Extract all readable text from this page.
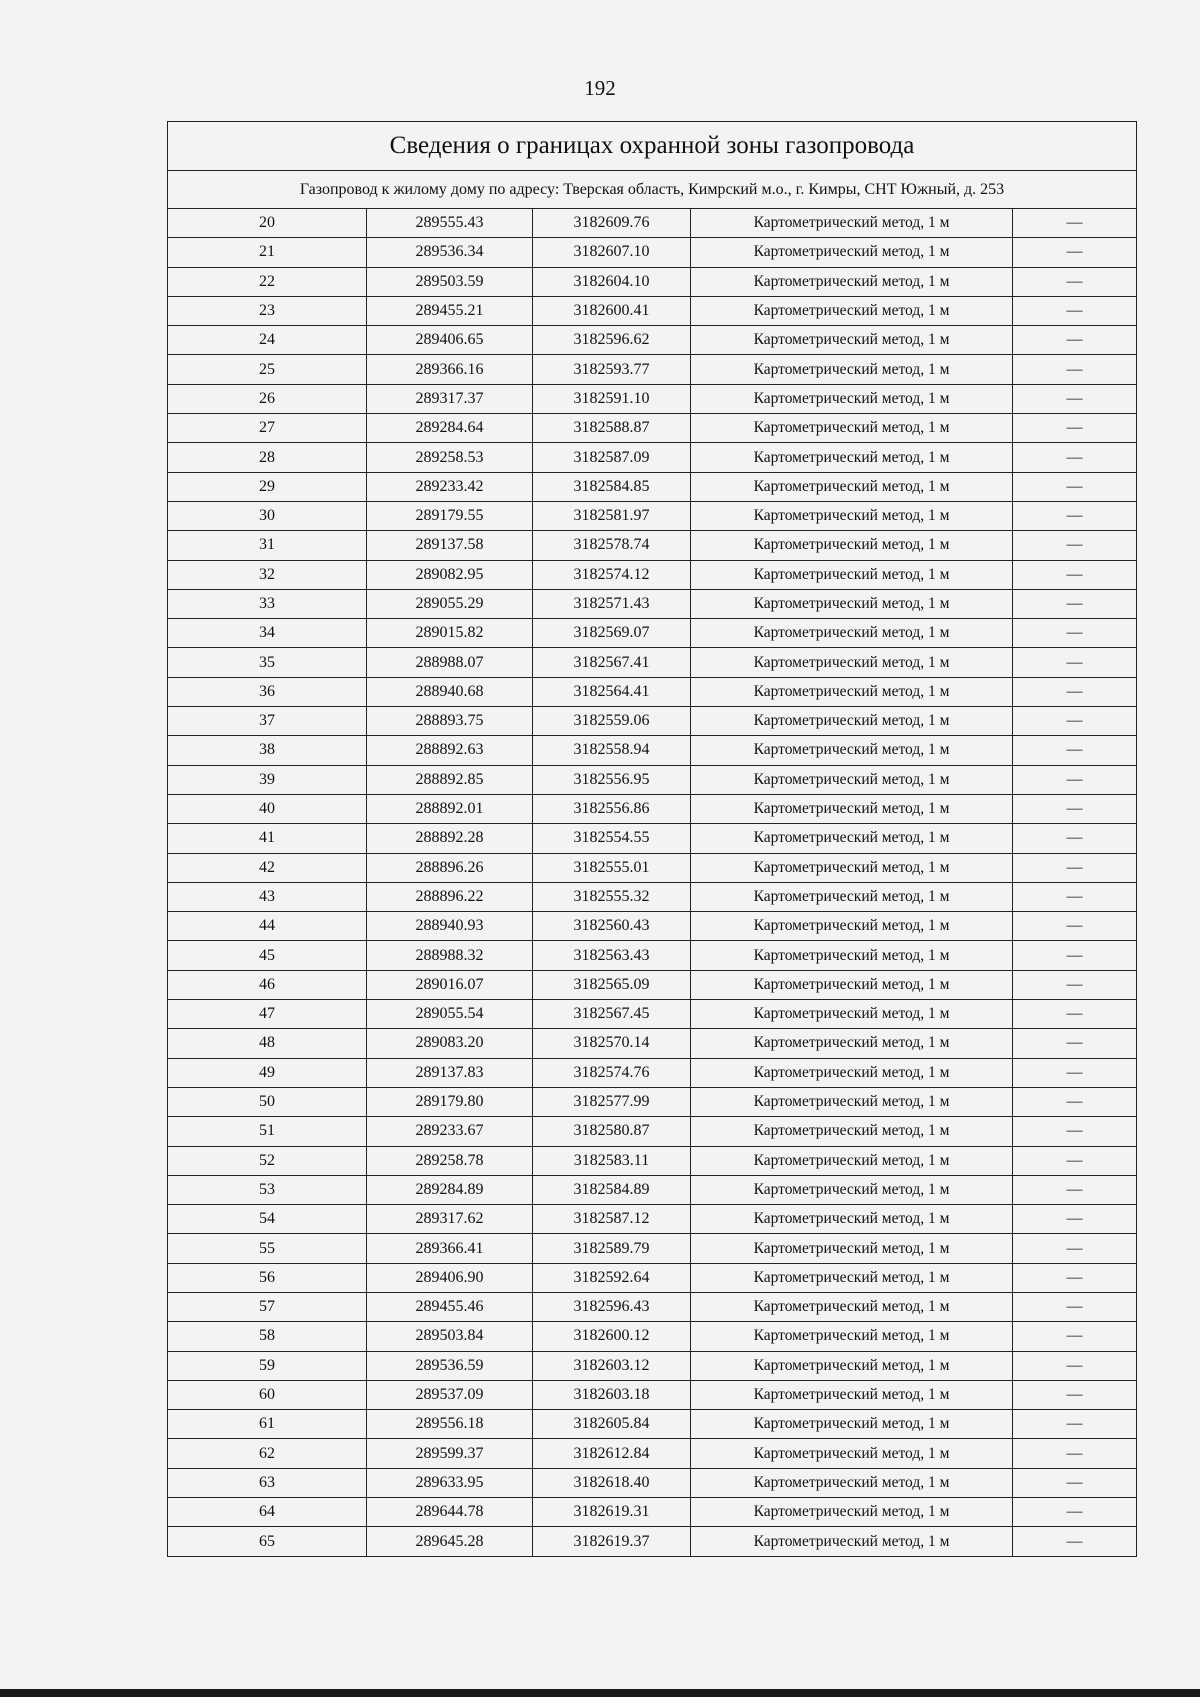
192
Сведения о границах охранной зоны газопровода				
Газопровод к жилому дому по адресу: Тверская область, Кимрский м.о., г. Кимры, СНТ Южный, д. 253				
20	289555.43	3182609.76	Картометрический метод, 1 м	—
21	289536.34	3182607.10	Картометрический метод, 1 м	—
22	289503.59	3182604.10	Картометрический метод, 1 м	—
23	289455.21	3182600.41	Картометрический метод, 1 м	—
24	289406.65	3182596.62	Картометрический метод, 1 м	—
25	289366.16	3182593.77	Картометрический метод, 1 м	—
26	289317.37	3182591.10	Картометрический метод, 1 м	—
27	289284.64	3182588.87	Картометрический метод, 1 м	—
28	289258.53	3182587.09	Картометрический метод, 1 м	—
29	289233.42	3182584.85	Картометрический метод, 1 м	—
30	289179.55	3182581.97	Картометрический метод, 1 м	—
31	289137.58	3182578.74	Картометрический метод, 1 м	—
32	289082.95	3182574.12	Картометрический метод, 1 м	—
33	289055.29	3182571.43	Картометрический метод, 1 м	—
34	289015.82	3182569.07	Картометрический метод, 1 м	—
35	288988.07	3182567.41	Картометрический метод, 1 м	—
36	288940.68	3182564.41	Картометрический метод, 1 м	—
37	288893.75	3182559.06	Картометрический метод, 1 м	—
38	288892.63	3182558.94	Картометрический метод, 1 м	—
39	288892.85	3182556.95	Картометрический метод, 1 м	—
40	288892.01	3182556.86	Картометрический метод, 1 м	—
41	288892.28	3182554.55	Картометрический метод, 1 м	—
42	288896.26	3182555.01	Картометрический метод, 1 м	—
43	288896.22	3182555.32	Картометрический метод, 1 м	—
44	288940.93	3182560.43	Картометрический метод, 1 м	—
45	288988.32	3182563.43	Картометрический метод, 1 м	—
46	289016.07	3182565.09	Картометрический метод, 1 м	—
47	289055.54	3182567.45	Картометрический метод, 1 м	—
48	289083.20	3182570.14	Картометрический метод, 1 м	—
49	289137.83	3182574.76	Картометрический метод, 1 м	—
50	289179.80	3182577.99	Картометрический метод, 1 м	—
51	289233.67	3182580.87	Картометрический метод, 1 м	—
52	289258.78	3182583.11	Картометрический метод, 1 м	—
53	289284.89	3182584.89	Картометрический метод, 1 м	—
54	289317.62	3182587.12	Картометрический метод, 1 м	—
55	289366.41	3182589.79	Картометрический метод, 1 м	—
56	289406.90	3182592.64	Картометрический метод, 1 м	—
57	289455.46	3182596.43	Картометрический метод, 1 м	—
58	289503.84	3182600.12	Картометрический метод, 1 м	—
59	289536.59	3182603.12	Картометрический метод, 1 м	—
60	289537.09	3182603.18	Картометрический метод, 1 м	—
61	289556.18	3182605.84	Картометрический метод, 1 м	—
62	289599.37	3182612.84	Картометрический метод, 1 м	—
63	289633.95	3182618.40	Картометрический метод, 1 м	—
64	289644.78	3182619.31	Картометрический метод, 1 м	—
65	289645.28	3182619.37	Картометрический метод, 1 м	—
